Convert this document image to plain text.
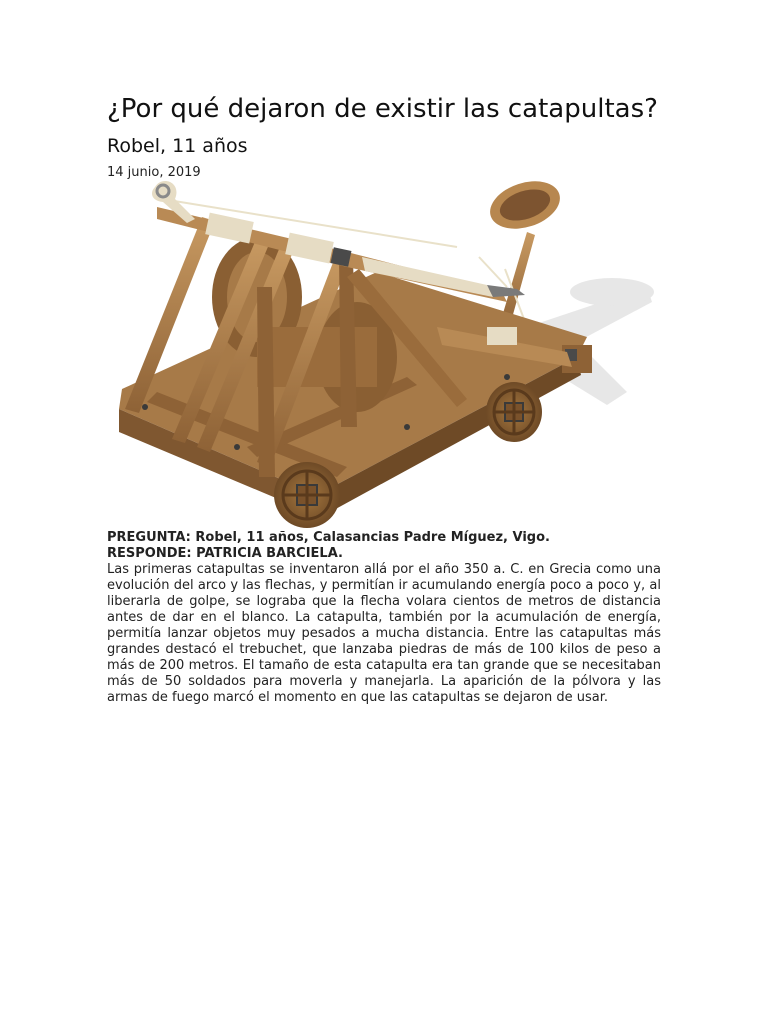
¿Por qué dejaron de existir las catapultas?Robel, 11 años
14 junio, 2019
PREGUNTA: Robel, 11 años, Calasancias Padre Míguez, Vigo.
RESPONDE: PATRICIA BARCIELA.
Las primeras catapultas se inventaron allá por el año 350 a. C. en Grecia como una evolución del arco y las flechas, y permitían ir acumulando energía poco a poco y, al liberarla de golpe, se lograba que la flecha volara cientos de metros de distancia antes de dar en el blanco. La catapulta, también por la acumulación de energía, permitía lanzar objetos muy pesados a mucha distancia. Entre las catapultas más grandes destacó el trebuchet, que lanzaba piedras de más de 100 kilos de peso a más de 200 metros. El tamaño de esta catapulta era tan grande que se necesitaban más de 50 soldados para moverla y manejarla. La aparición de la pólvora y las armas de fuego marcó el momento en que las catapultas se dejaron de usar.
